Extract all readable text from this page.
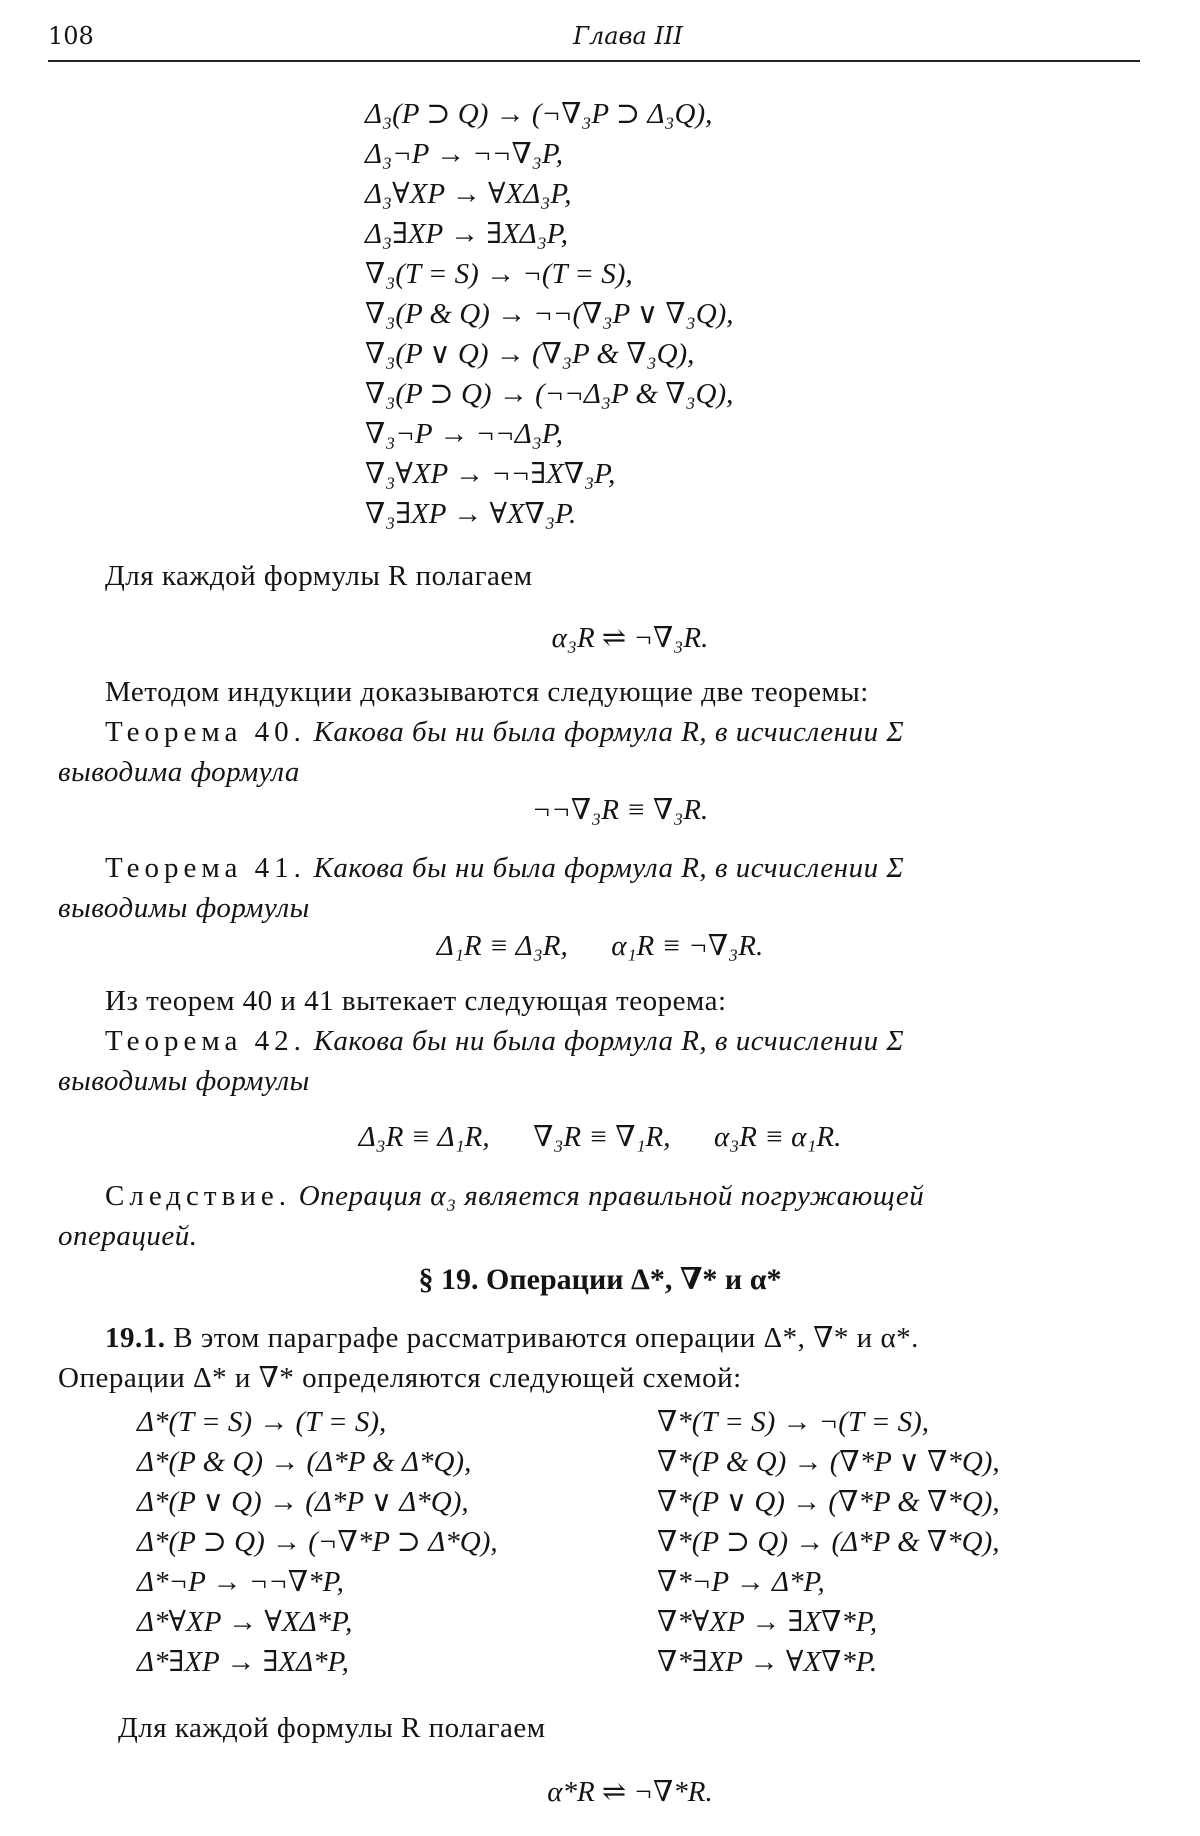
108	Глава III
Δ₃(P ⊃ Q) → (¬∇₃P ⊃ Δ₃Q),
Δ₃¬P → ¬¬∇₃P,
Δ₃∀XP → ∀XΔ₃P,
Δ₃∃XP → ∃XΔ₃P,
∇₃(T = S) → ¬(T = S),
∇₃(P & Q) → ¬¬(∇₃P ∨ ∇₃Q),
∇₃(P ∨ Q) → (∇₃P & ∇₃Q),
∇₃(P ⊃ Q) → (¬¬Δ₃P & ∇₃Q),
∇₃¬P → ¬¬Δ₃P,
∇₃∀XP → ¬¬∃X∇₃P,
∇₃∃XP → ∀X∇₃P.
Для каждой формулы R полагаем
α₃R ⇌ ¬∇₃R.
Методом индукции доказываются следующие две теоремы:
Теорема 40. Какова бы ни была формула R, в исчислении Σ
выводима формула
¬¬∇₃R ≡ ∇₃R.
Теорема 41. Какова бы ни была формула R, в исчислении Σ
выводимы формулы
Δ₁R ≡ Δ₃R,      α₁R ≡ ¬∇₃R.
Из теорем 40 и 41 вытекает следующая теорема:
Теорема 42. Какова бы ни была формула R, в исчислении Σ
выводимы формулы
Δ₃R ≡ Δ₁R,      ∇₃R ≡ ∇₁R,      α₃R ≡ α₁R.
Следствие. Операция α₃ является правильной погружающей
операцией.
§ 19. Операции Δ*, ∇* и α*
19.1. В этом параграфе рассматриваются операции Δ*, ∇* и α*.
Операции Δ* и ∇* определяются следующей схемой:
Δ*(T = S) → (T = S),
Δ*(P & Q) → (Δ*P & Δ*Q),
Δ*(P ∨ Q) → (Δ*P ∨ Δ*Q),
Δ*(P ⊃ Q) → (¬∇*P ⊃ Δ*Q),
Δ*¬P → ¬¬∇*P,
Δ*∀XP → ∀XΔ*P,
Δ*∃XP → ∃XΔ*P,
∇*(T = S) → ¬(T = S),
∇*(P & Q) → (∇*P ∨ ∇*Q),
∇*(P ∨ Q) → (∇*P & ∇*Q),
∇*(P ⊃ Q) → (Δ*P & ∇*Q),
∇*¬P → Δ*P,
∇*∀XP → ∃X∇*P,
∇*∃XP → ∀X∇*P.
Для каждой формулы R полагаем
α*R ⇌ ¬∇*R.
